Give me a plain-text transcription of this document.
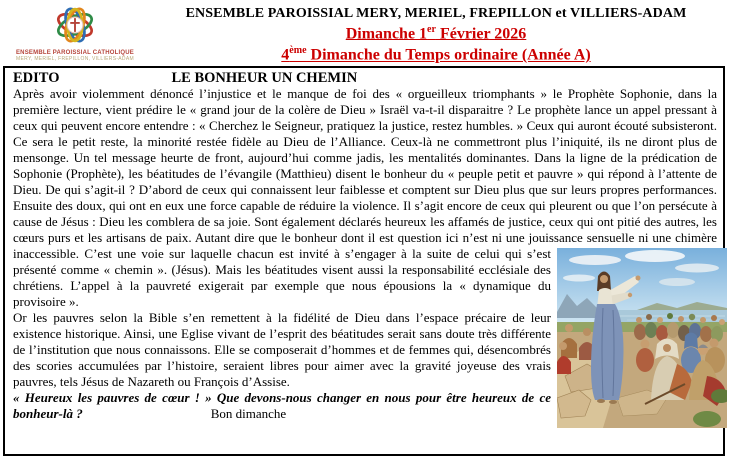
ENSEMBLE PAROISSIAL CATHOLIQUE
MERY, MERIEL, FREPILLON, VILLIERS-ADAM
ENSEMBLE PAROISSIAL MERY, MERIEL, FREPILLON et VILLIERS-ADAM
Dimanche 1er Février 2026
4ème Dimanche du Temps ordinaire (Année A)
EDITO	LE BONHEUR UN CHEMIN

Après avoir violemment dénoncé l’injustice et le manque de foi des « orgueilleux triomphants » le Prophète Sophonie, dans la première lecture, vient prédire le « grand jour de la colère de Dieu » Israël va-t-il disparaitre ? Le prophète lance un appel pressant à ceux qui peuvent encore entendre : « Cherchez le Seigneur, pratiquez la justice, restez humbles. » Ceux qui auront écouté subsisteront. Ce sera le petit reste, la minorité restée fidèle au Dieu de l’Alliance. Ceux-là ne commettront plus l’iniquité, ils ne diront plus de mensonge. Un tel message heurte de front, aujourd’hui comme jadis, les mentalités dominantes. Dans la ligne de la prédication de Sophonie (Prophète), les béatitudes de l’évangile (Matthieu) disent le bonheur du « peuple petit et pauvre » qui répond à l’attente de Dieu. De qui s’agit-il ? D’abord de ceux qui connaissent leur faiblesse et comptent sur Dieu plus que sur leurs propres performances. Ensuite des doux, qui ont en eux une force capable de réduire la violence. Il s’agit encore de ceux qui pleurent ou que l’on persécute à cause de Jésus : Dieu les comblera de sa joie. Sont également déclarés heureux les affamés de justice, ceux qui ont pitié des autres, les cœurs purs et les artisans de paix. Autant dire que le bonheur dont il est question ici n’est ni une jouissance
sensuelle ni une chimère inaccessible. C’est une voie sur laquelle chacun est invité à s’engager à la suite de celui qui s’est présenté comme « chemin ». (Jésus). Mais les béatitudes visent aussi la responsabilité ecclésiale des chrétiens. L’appel à la pauvreté exigerait par exemple que nous épousions la « dynamique du provisoire ».

Or les pauvres selon la Bible s’en remettent à la fidélité de Dieu dans l’espace précaire de leur existence historique. Ainsi, une Eglise vivant de l’esprit des béatitudes serait sans doute très différente de l’institution que nous connaissons. Elle se composerait d’hommes et de femmes qui, désencombrés des scories accumulées par l’histoire, seraient libres pour aimer avec la gravité joyeuse des vrais pauvres, tels Jésus de Nazareth ou François d’Assise.

« Heureux les pauvres de cœur ! » Que devons-nous changer en nous pour être heureux de ce bonheur-là ?	Bon dimanche
